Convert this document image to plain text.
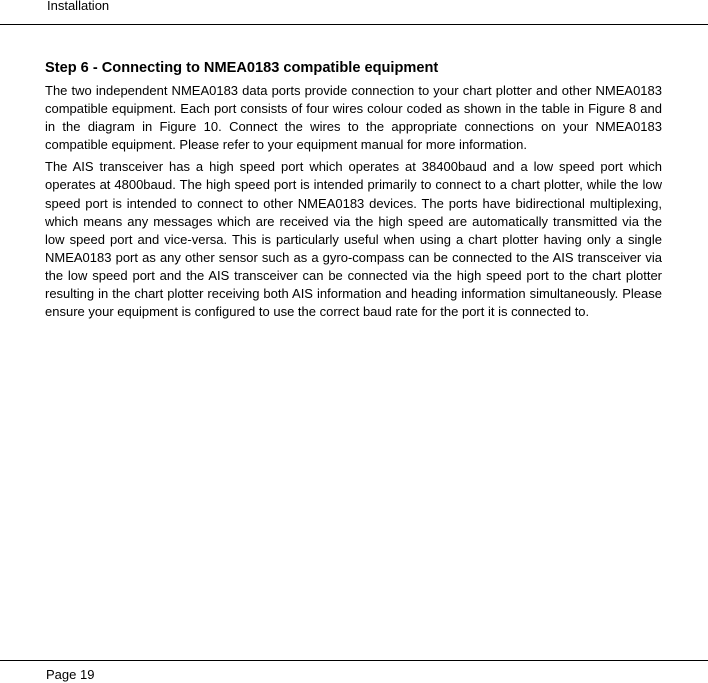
Installation
Step 6 - Connecting to NMEA0183 compatible equipment

The two independent NMEA0183 data ports provide connection to your chart plotter and other NMEA0183 compatible equipment. Each port consists of four wires colour coded as shown in the table in Figure 8 and in the diagram in Figure 10. Connect the wires to the appropriate connections on your NMEA0183 compatible equipment. Please refer to your equipment manual for more information.

The AIS transceiver has a high speed port which operates at 38400baud and a low speed port which operates at 4800baud. The high speed port is intended primarily to connect to a chart plotter, while the low speed port is intended to connect to other NMEA0183 devices. The ports have bidirectional multiplexing, which means any messages which are received via the high speed are automatically transmitted via the low speed port and vice-versa. This is particularly useful when using a chart plotter having only a single NMEA0183 port as any other sensor such as a gyro-compass can be connected to the AIS transceiver via the low speed port and the AIS transceiver can be connected via the high speed port to the chart plotter resulting in the chart plotter receiving both AIS information and heading information simultaneously. Please ensure your equipment is configured to use the correct baud rate for the port it is connected to.

Page 19
